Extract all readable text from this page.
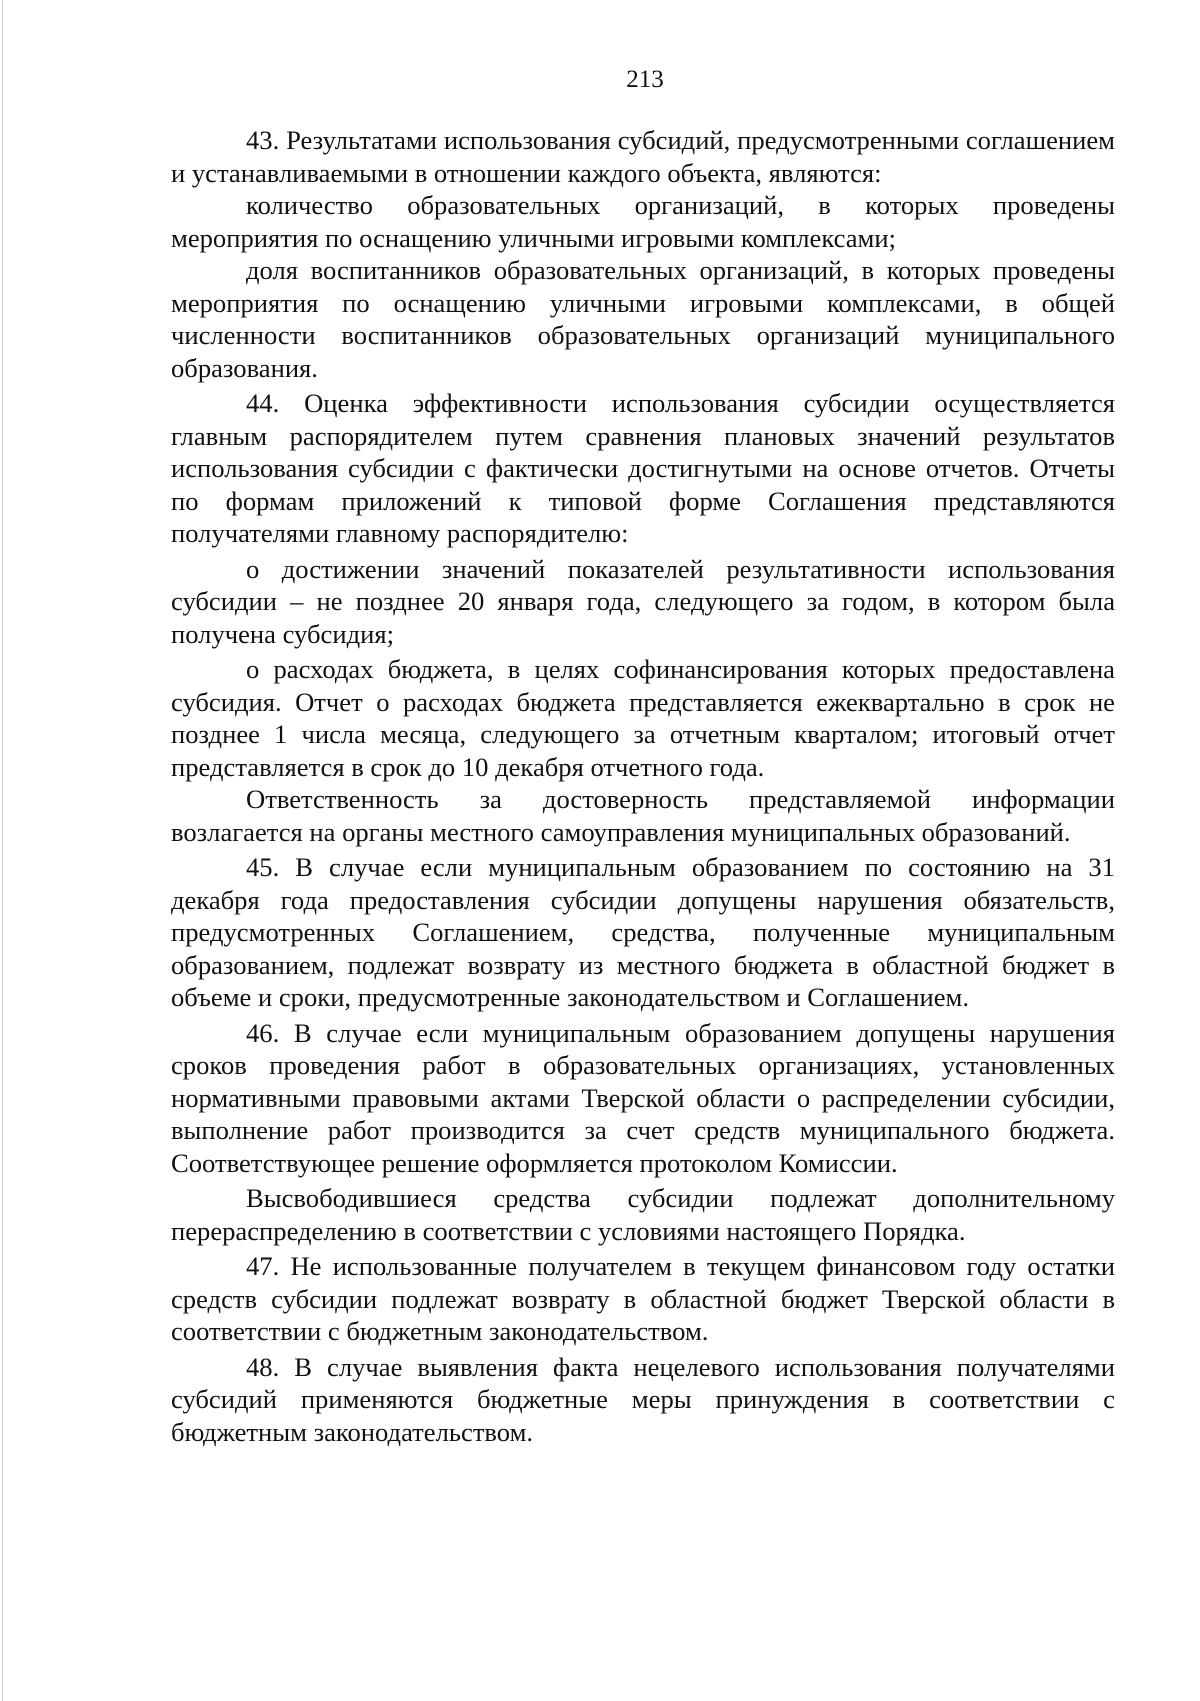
213

43. Результатами использования субсидий, предусмотренными соглашением и устанавливаемыми в отношении каждого объекта, являются:

количество образовательных организаций, в которых проведены мероприятия по оснащению уличными игровыми комплексами;

доля воспитанников образовательных организаций, в которых проведены мероприятия по оснащению уличными игровыми комплексами, в общей численности воспитанников образовательных организаций муниципального образования.

44. Оценка эффективности использования субсидии осуществляется главным распорядителем путем сравнения плановых значений результатов использования субсидии с фактически достигнутыми на основе отчетов. Отчеты по формам приложений к типовой форме Соглашения представляются получателями главному распорядителю:

о достижении значений показателей результативности использования субсидии – не позднее 20 января года, следующего за годом, в котором была получена субсидия;

о расходах бюджета, в целях софинансирования которых предоставлена субсидия. Отчет о расходах бюджета представляется ежеквартально в срок не позднее 1 числа месяца, следующего за отчетным кварталом; итоговый отчет представляется в срок до 10 декабря отчетного года.

Ответственность за достоверность представляемой информации возлагается на органы местного самоуправления муниципальных образований.

45. В случае если муниципальным образованием по состоянию на 31 декабря года предоставления субсидии допущены нарушения обязательств, предусмотренных Соглашением, средства, полученные муниципальным образованием, подлежат возврату из местного бюджета в областной бюджет в объеме и сроки, предусмотренные законодательством и Соглашением.

46. В случае если муниципальным образованием допущены нарушения сроков проведения работ в образовательных организациях, установленных нормативными правовыми актами Тверской области о распределении субсидии, выполнение работ производится за счет средств муниципального бюджета. Соответствующее решение оформляется протоколом Комиссии.

Высвободившиеся средства субсидии подлежат дополнительному перераспределению в соответствии с условиями настоящего Порядка.

47. Не использованные получателем в текущем финансовом году остатки средств субсидии подлежат возврату в областной бюджет Тверской области в соответствии с бюджетным законодательством.

48. В случае выявления факта нецелевого использования получателями субсидий применяются бюджетные меры принуждения в соответствии с бюджетным законодательством.
